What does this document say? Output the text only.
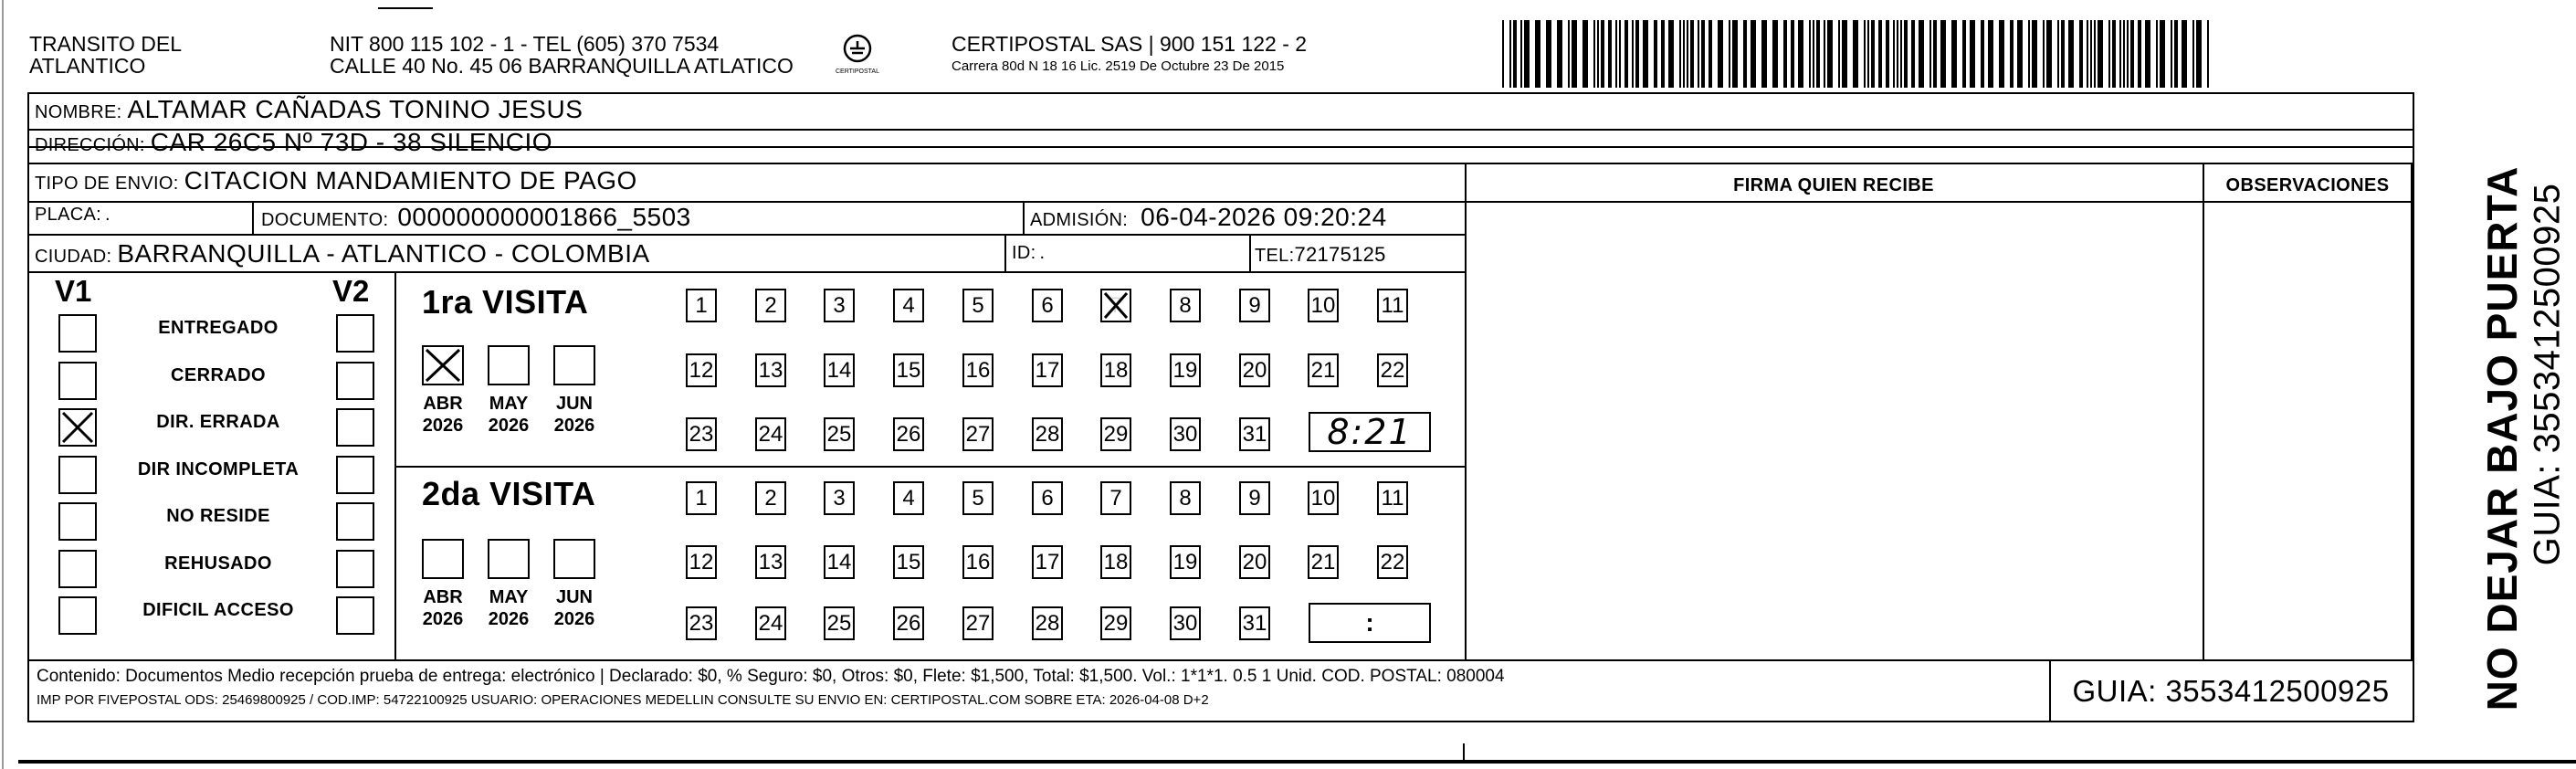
TRANSITO DEL
ATLANTICO
NIT 800 115 102 - 1 - TEL (605) 370 7534
CALLE 40 No. 45 06 BARRANQUILLA ATLATICO	CERTIPOSTAL
CERTIPOSTAL SAS | 900 151 122 - 2
Carrera 80d N 18 16 Lic. 2519 De Octubre 23 De 2015
NOMBRE: ALTAMAR CAÑADAS TONINO JESUS
DIRECCIÓN: CAR 26C5 Nº 73D - 38 SILENCIO
TIPO DE ENVIO: CITACION MANDAMIENTO DE PAGO
PLACA: .	DOCUMENTO: 000000000001866_5503	ADMISIÓN: 06-04-2026 09:20:24
CIUDAD: BARRANQUILLA - ATLANTICO - COLOMBIA	ID: .	TEL: 72175125
FIRMA QUIEN RECIBE	OBSERVACIONES	NO DEJAR BAJO PUERTA GUIA: 3553412500925
V1	V2
ENTREGADO
CERRADO
DIR. ERRADA
DIR INCOMPLETA
NO RESIDE
REHUSADO
DIFICIL ACCESO
1ra VISITA
ABR
2026
MAY
2026
JUN
2026
1	2	3	4	5	6	7	8	9 10 11
12 13 14 15 16 17 18 19 20 21 22
23 24 25 26 27 28 29 30 31 8:21
2da VISITA
ABR
2026
MAY
2026
JUN
2026
1	2	3	4	5	6	7	8	9 10 11
12 13 14 15 16 17 18 19 20 21 22
23 24 25 26 27 28 29 30 31	:
Contenido: Documentos Medio recepción prueba de entrega: electrónico | Declarado: $0, % Seguro: $0, Otros: $0, Flete: $1,500, Total: $1,500. Vol.: 1*1*1. 0.5 1 Unid. COD. POSTAL: 080004
IMP POR FIVEPOSTAL ODS: 25469800925 / COD.IMP: 54722100925 USUARIO: OPERACIONES MEDELLIN CONSULTE SU ENVIO EN: CERTIPOSTAL.COM SOBRE ETA: 2026-04-08 D+2	GUIA: 3553412500925
